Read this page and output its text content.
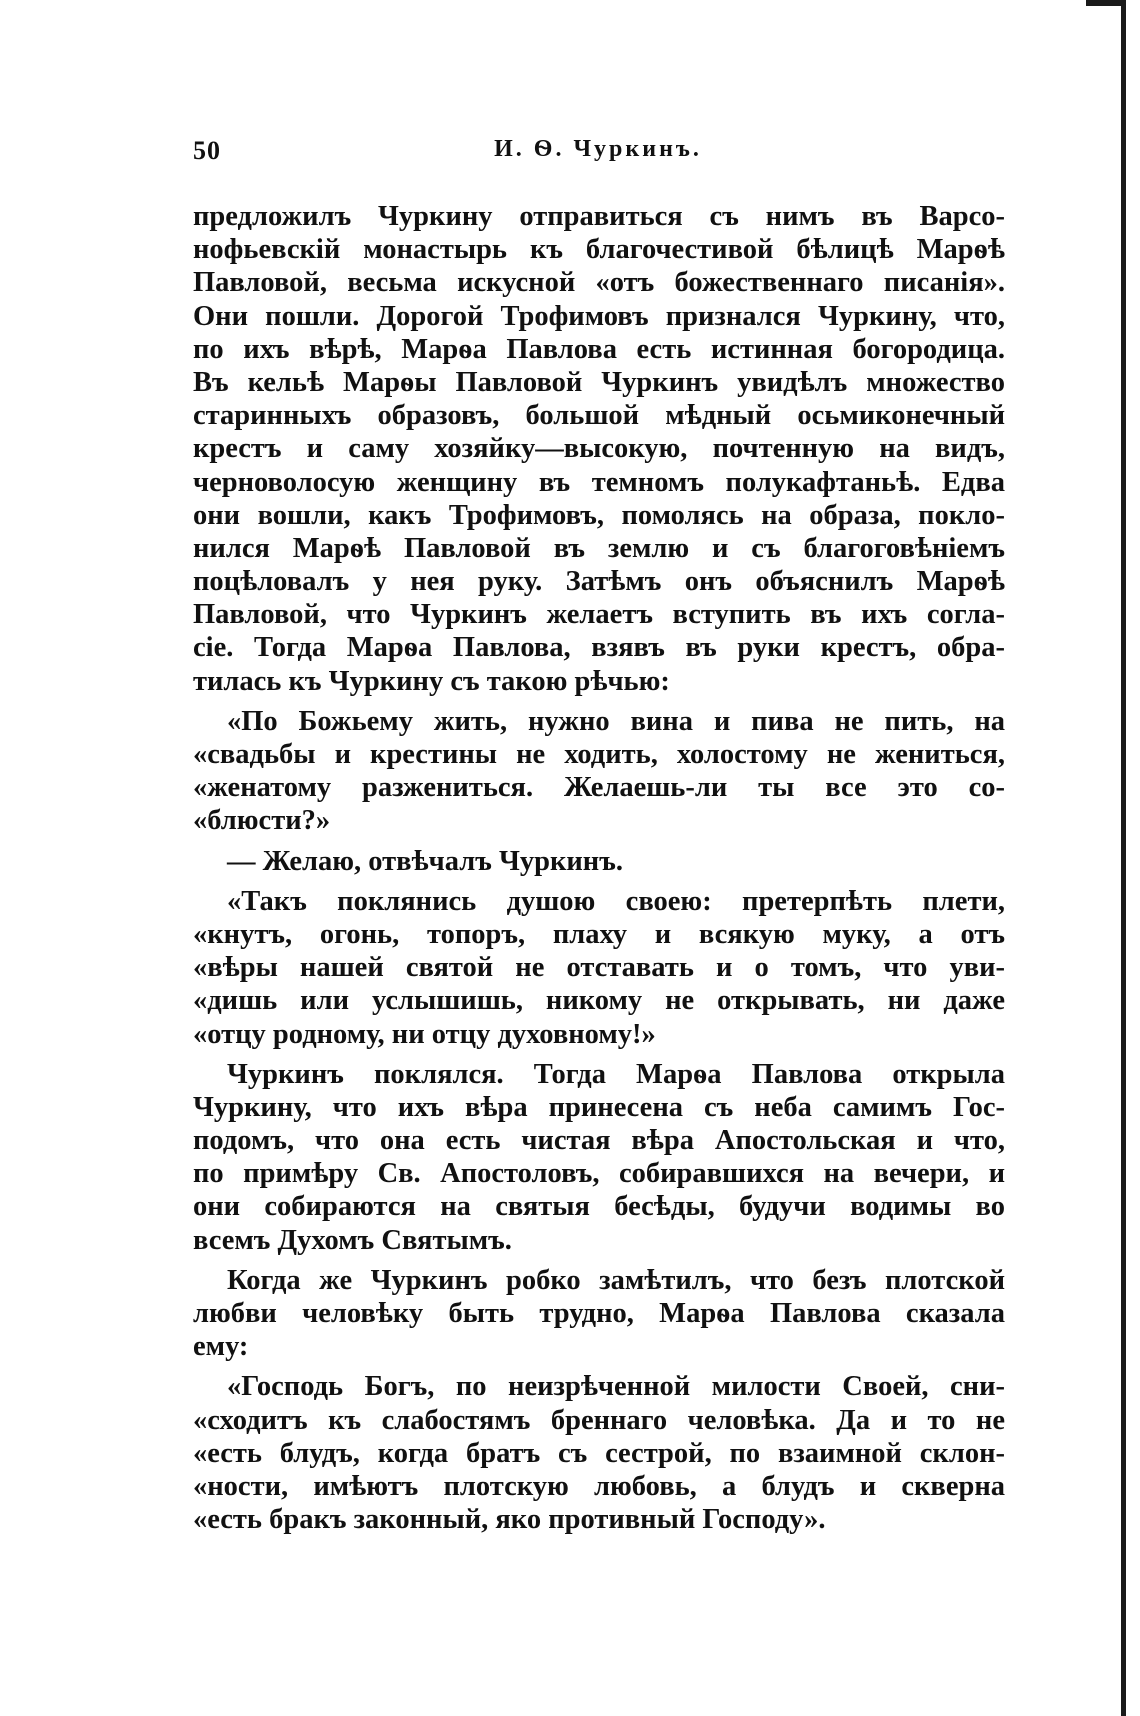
50	И. Ѳ. Чуркинъ.
предложилъ Чуркину отправиться съ нимъ въ Варсо-
нофьевскій монастырь къ благочестивой бѣлицѣ Марѳѣ
Павловой, весьма искусной «отъ божественнаго писанія».
Они пошли. Дорогой Трофимовъ признался Чуркину, что,
по ихъ вѣрѣ, Марѳа Павлова есть истинная богородица.
Въ кельѣ Марѳы Павловой Чуркинъ увидѣлъ множество
старинныхъ образовъ, большой мѣдный осьмиконечный
крестъ и саму хозяйку—высокую, почтенную на видъ,
черноволосую женщину въ темномъ полукафтаньѣ. Едва
они вошли, какъ Трофимовъ, помолясь на образа, покло-
нился Марѳѣ Павловой въ землю и съ благоговѣніемъ
поцѣловалъ у нея руку. Затѣмъ онъ объяснилъ Марѳѣ
Павловой, что Чуркинъ желаетъ вступить въ ихъ согла-
сіе. Тогда Марѳа Павлова, взявъ въ руки крестъ, обра-
тилась къ Чуркину съ такою рѣчью:
«По Божьему жить, нужно вина и пива не пить, на
«свадьбы и крестины не ходить, холостому не жениться,
«женатому разжениться. Желаешь-ли ты все это со-
«блюсти?»
— Желаю, отвѣчалъ Чуркинъ.
«Такъ поклянись душою своею: претерпѣть плети,
«кнутъ, огонь, топоръ, плаху и всякую муку, а отъ
«вѣры нашей святой не отставать и о томъ, что уви-
«дишь или услышишь, никому не открывать, ни даже
«отцу родному, ни отцу духовному!»
Чуркинъ поклялся. Тогда Марѳа Павлова открыла
Чуркину, что ихъ вѣра принесена съ неба самимъ Гос-
подомъ, что она есть чистая вѣра Апостольская и что,
по примѣру Св. Апостоловъ, собиравшихся на вечери, и
они собираются на святыя бесѣды, будучи водимы во
всемъ Духомъ Святымъ.
Когда же Чуркинъ робко замѣтилъ, что безъ плотской
любви человѣку быть трудно, Марѳа Павлова сказала
ему:
«Господь Богъ, по неизрѣченной милости Своей, сни-
«сходитъ къ слабостямъ бреннаго человѣка. Да и то не
«есть блудъ, когда братъ съ сестрой, по взаимной склон-
«ности, имѣютъ плотскую любовь, а блудъ и скверна
«есть бракъ законный, яко противный Господу».
